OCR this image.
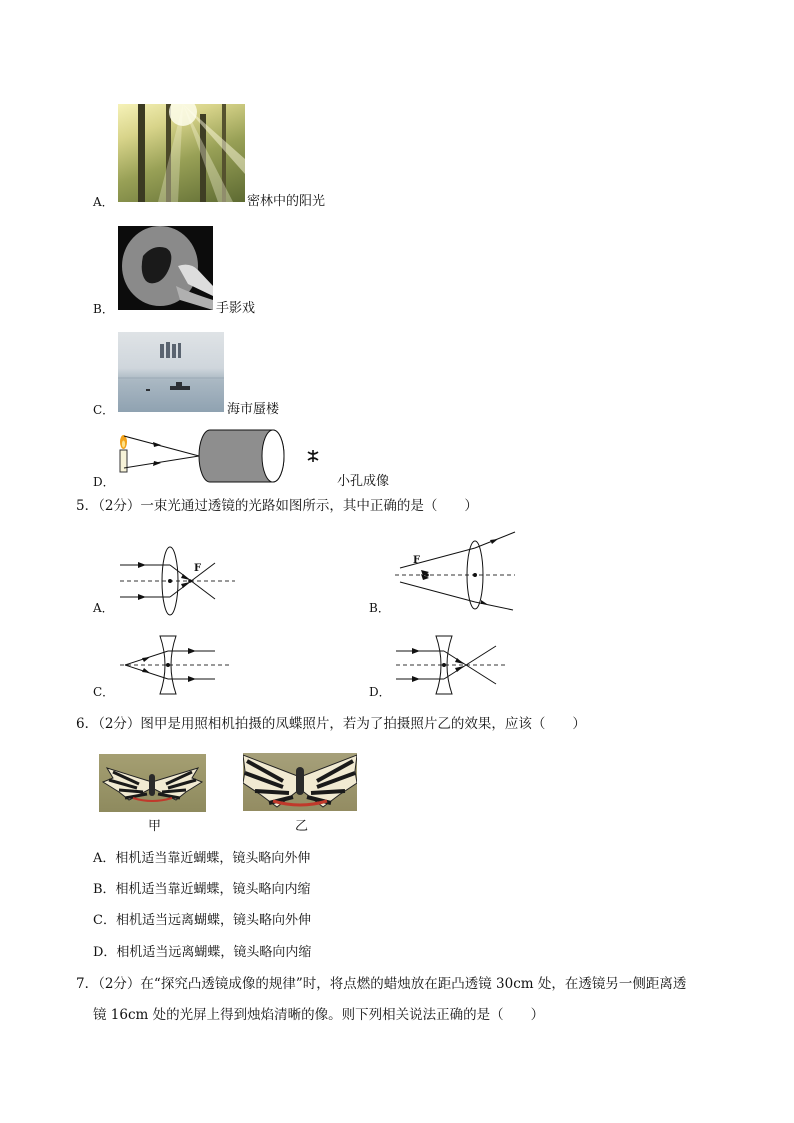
A．	密林中的阳光
B．	手影戏
C．	海市蜃楼
D．	小孔成像
5．（2分）一束光通过透镜的光路如图所示，其中正确的是（　　）
F
A．
F
B．
C．	D．
6．（2分）图甲是用照相机拍摄的凤蝶照片，若为了拍摄照片乙的效果，应该（　　）
甲	乙
A．相机适当靠近蝴蝶，镜头略向外伸
B．相机适当靠近蝴蝶，镜头略向内缩
C．相机适当远离蝴蝶，镜头略向外伸
D．相机适当远离蝴蝶，镜头略向内缩
7．（2分）在“探究凸透镜成像的规律”时，将点燃的蜡烛放在距凸透镜 30cm 处，在透镜另一侧距离透
镜 16cm 处的光屏上得到烛焰清晰的像。则下列相关说法正确的是（　　）
